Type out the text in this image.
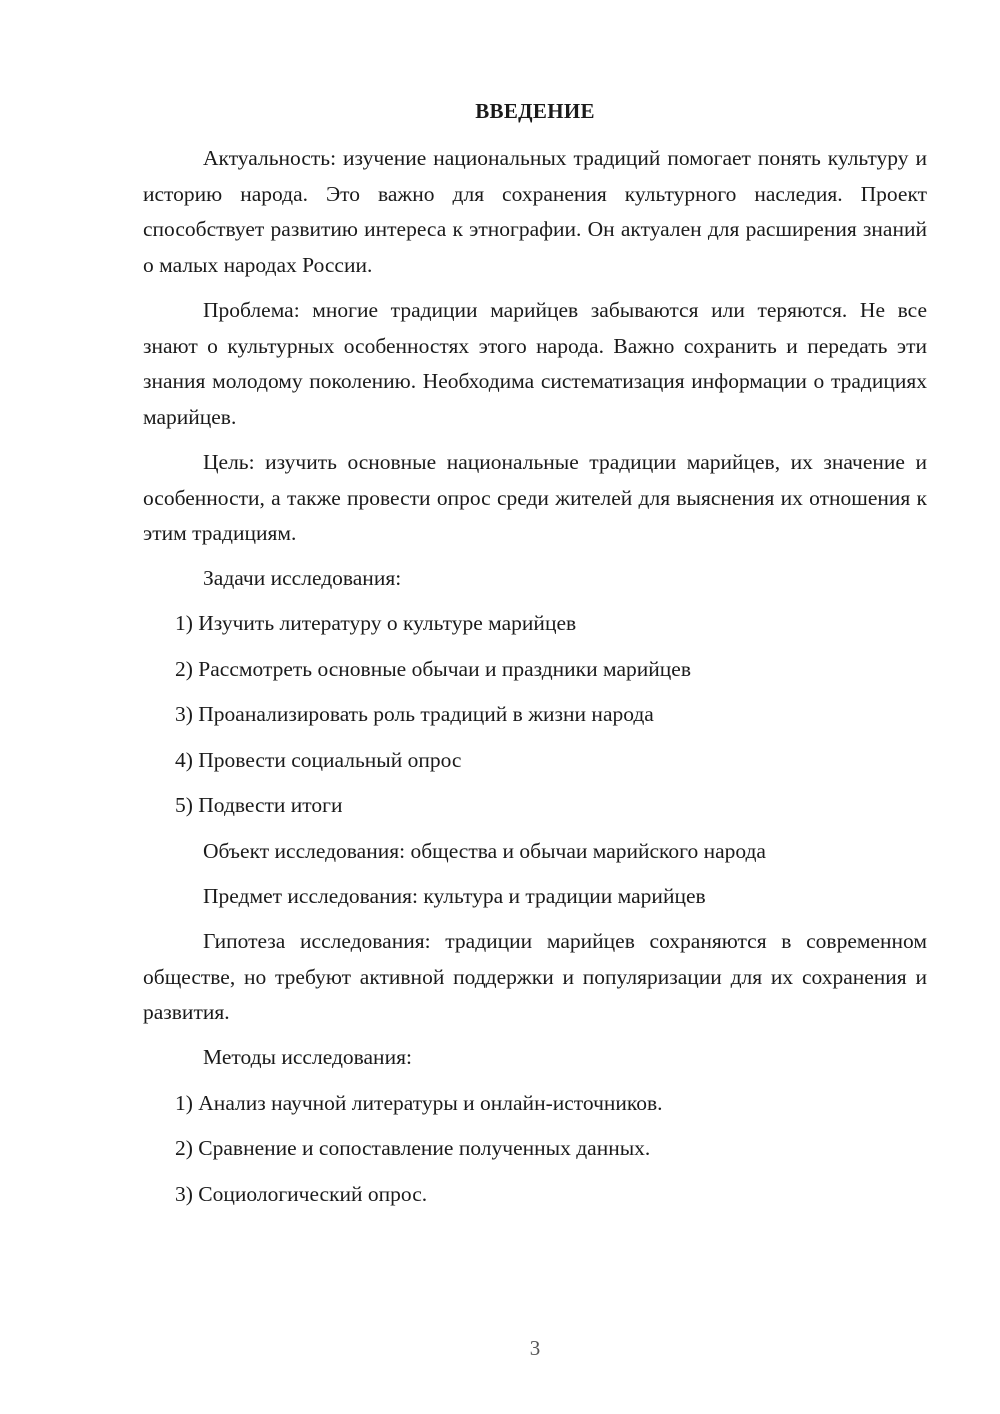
ВВЕДЕНИЕ

Актуальность: изучение национальных традиций помогает понять культуру и историю народа. Это важно для сохранения культурного наследия. Проект способствует развитию интереса к этнографии. Он актуален для расширения знаний о малых народах России.

Проблема: многие традиции марийцев забываются или теряются. Не все знают о культурных особенностях этого народа. Важно сохранить и передать эти знания молодому поколению. Необходима систематизация информации о традициях марийцев.

Цель: изучить основные национальные традиции марийцев, их значение и особенности, а также провести опрос среди жителей для выяснения их отношения к этим традициям.

Задачи исследования:

1) Изучить литературу о культуре марийцев

2) Рассмотреть основные обычаи и праздники марийцев

3) Проанализировать роль традиций в жизни народа

4) Провести социальный опрос

5) Подвести итоги

Объект исследования: общества и обычаи марийского народа

Предмет исследования: культура и традиции марийцев

Гипотеза исследования: традиции марийцев сохраняются в современном обществе, но требуют активной поддержки и популяризации для их сохранения и развития.

Методы исследования:

1) Анализ научной литературы и онлайн-источников.

2) Сравнение и сопоставление полученных данных.

3) Социологический опрос.

3
